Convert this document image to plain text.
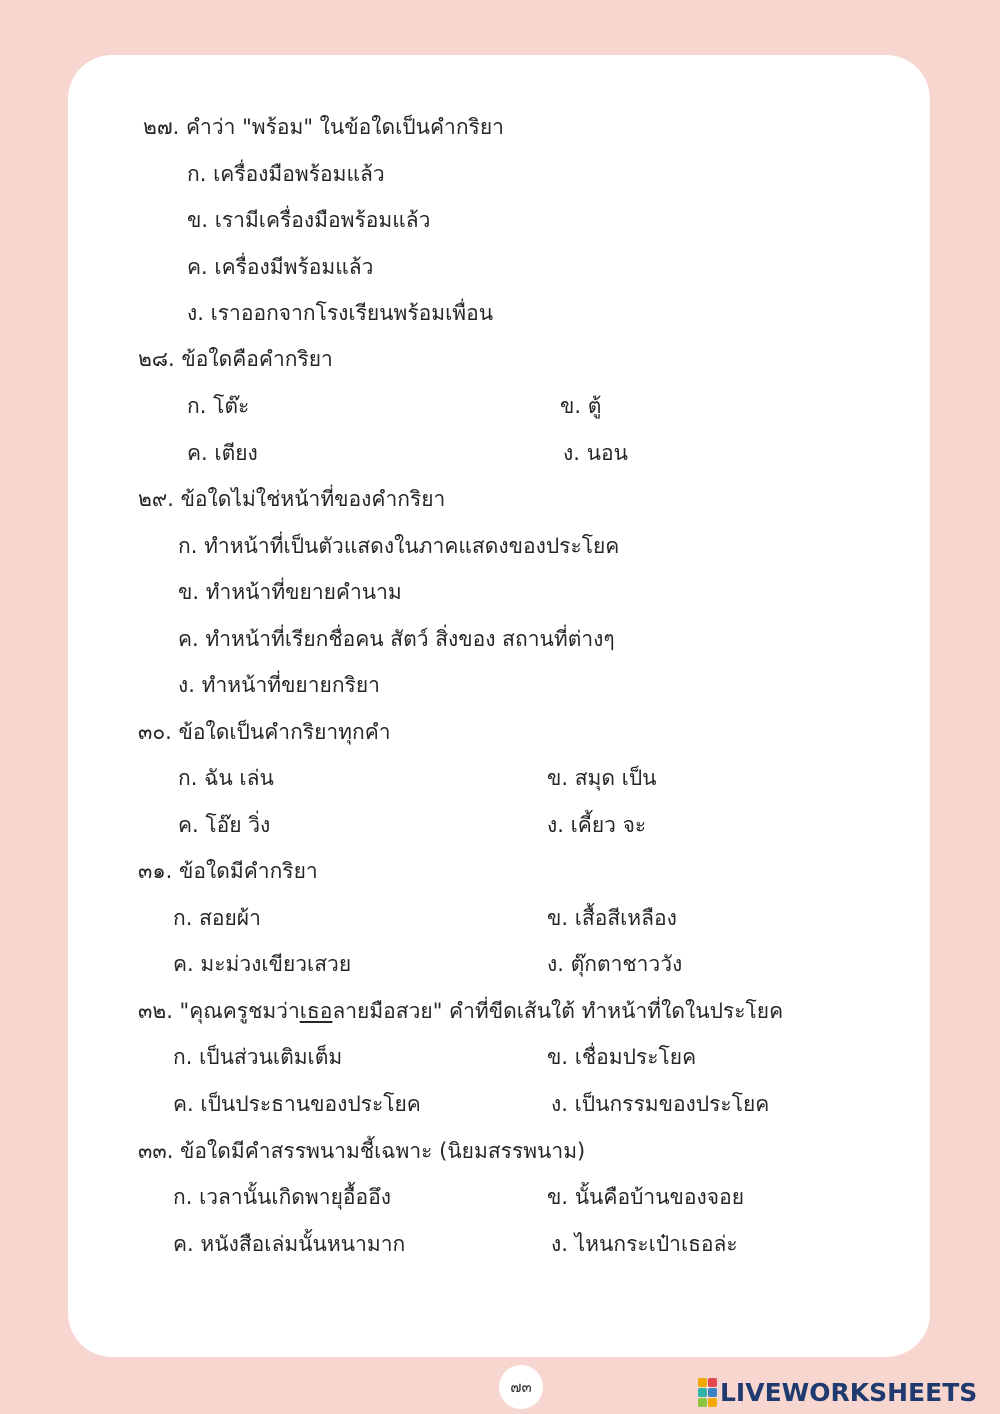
๒๗. คำว่า "พร้อม" ในข้อใดเป็นคำกริยา
ก. เครื่องมือพร้อมแล้ว
ข. เรามีเครื่องมือพร้อมแล้ว
ค. เครื่องมีพร้อมแล้ว
ง. เราออกจากโรงเรียนพร้อมเพื่อน
๒๘. ข้อใดคือคำกริยา
ก. โต๊ะ	ข. ตู้
ค. เตียง	ง. นอน
๒๙. ข้อใดไม่ใช่หน้าที่ของคำกริยา
ก. ทำหน้าที่เป็นตัวแสดงในภาคแสดงของประโยค
ข. ทำหน้าที่ขยายคำนาม
ค. ทำหน้าที่เรียกชื่อคน สัตว์ สิ่งของ สถานที่ต่างๆ
ง. ทำหน้าที่ขยายกริยา
๓๐. ข้อใดเป็นคำกริยาทุกคำ
ก. ฉัน เล่น	ข. สมุด เป็น
ค. โอ๊ย วิ่ง	ง. เคี้ยว จะ
๓๑. ข้อใดมีคำกริยา
ก. สอยผ้า	ข. เสื้อสีเหลือง
ค. มะม่วงเขียวเสวย	ง. ตุ๊กตาชาววัง
๓๒. "คุณครูชมว่าเธอลายมือสวย" คำที่ขีดเส้นใต้ ทำหน้าที่ใดในประโยค
ก. เป็นส่วนเติมเต็ม	ข. เชื่อมประโยค
ค. เป็นประธานของประโยค	ง. เป็นกรรมของประโยค
๓๓. ข้อใดมีคำสรรพนามชี้เฉพาะ (นิยมสรรพนาม)
ก. เวลานั้นเกิดพายุอื้ออึง	ข. นั้นคือบ้านของจอย
ค. หนังสือเล่มนั้นหนามาก	ง. ไหนกระเป๋าเธอล่ะ
๗๓	LIVEWORKSHEETS
